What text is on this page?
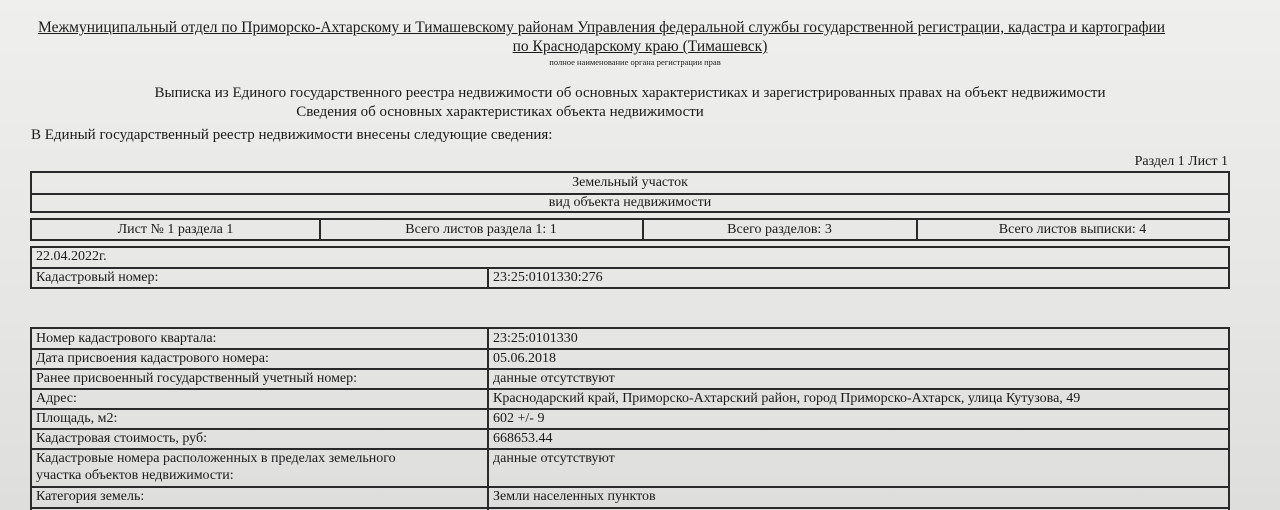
Межмуниципальный отдел по Приморско-Ахтарскому и Тимашевскому районам Управления федеральной службы государственной регистрации, кадастра и картографии
по Краснодарскому краю (Тимашевск)
полное наименование органа регистрации прав
Выписка из Единого государственного реестра недвижимости об основных характеристиках и зарегистрированных правах на объект недвижимости
Сведения об основных характеристиках объекта недвижимости
В Единый государственный реестр недвижимости внесены следующие сведения:
Раздел 1 Лист 1
Земельный участок
вид объекта недвижимости
Лист № 1 раздела 1	Всего листов раздела 1: 1	Всего разделов: 3	Всего листов выписки: 4
22.04.2022г.
Кадастровый номер:	23:25:0101330:276
Номер кадастрового квартала:	23:25:0101330
Дата присвоения кадастрового номера:	05.06.2018
Ранее присвоенный государственный учетный номер:	данные отсутствуют
Адрес:	Краснодарский край, Приморско-Ахтарский район, город Приморско-Ахтарск, улица Кутузова, 49
Площадь, м2:	602 +/- 9
Кадастровая стоимость, руб:	668653.44
Кадастровые номера расположенных в пределах земельного
участка объектов недвижимости:
данные отсутствуют
Категория земель:	Земли населенных пунктов
